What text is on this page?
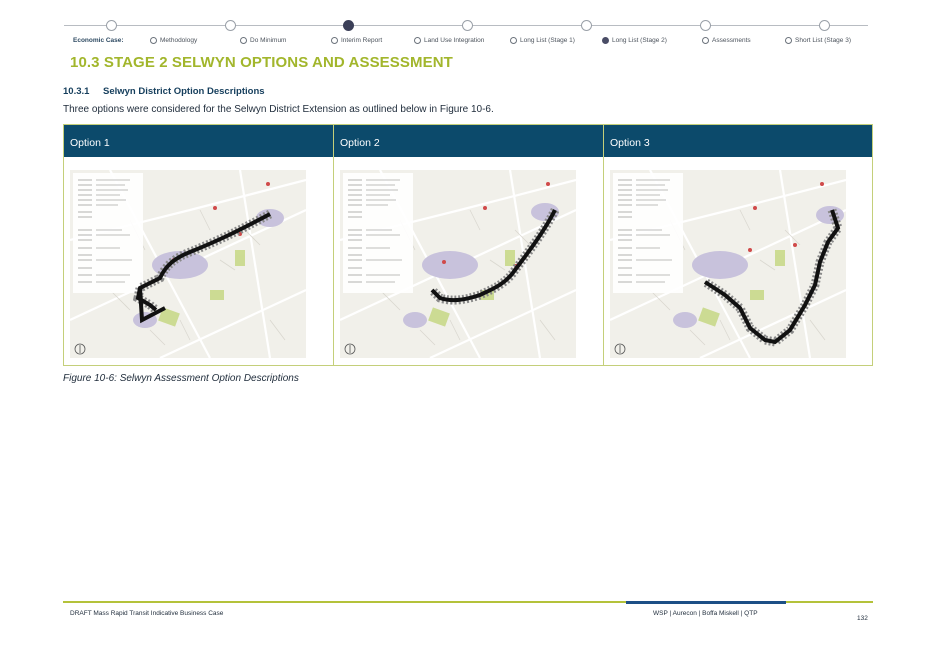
Economic Case:	Methodology	Do Minimum	Interim Report	Land Use Integration	Long List (Stage 1)	Long List (Stage 2)	Assessments	Short List (Stage 3)
10.3 STAGE 2 SELWYN OPTIONS AND ASSESSMENT
10.3.1 Selwyn District Option Descriptions
Three options were considered for the Selwyn District Extension as outlined below in Figure 10-6.
Option 1	Option 2	Option 3
Figure 10-6: Selwyn Assessment Option Descriptions
DRAFT Mass Rapid Transit Indicative Business Case	WSP | Aurecon | Boffa Miskell | QTP
132
